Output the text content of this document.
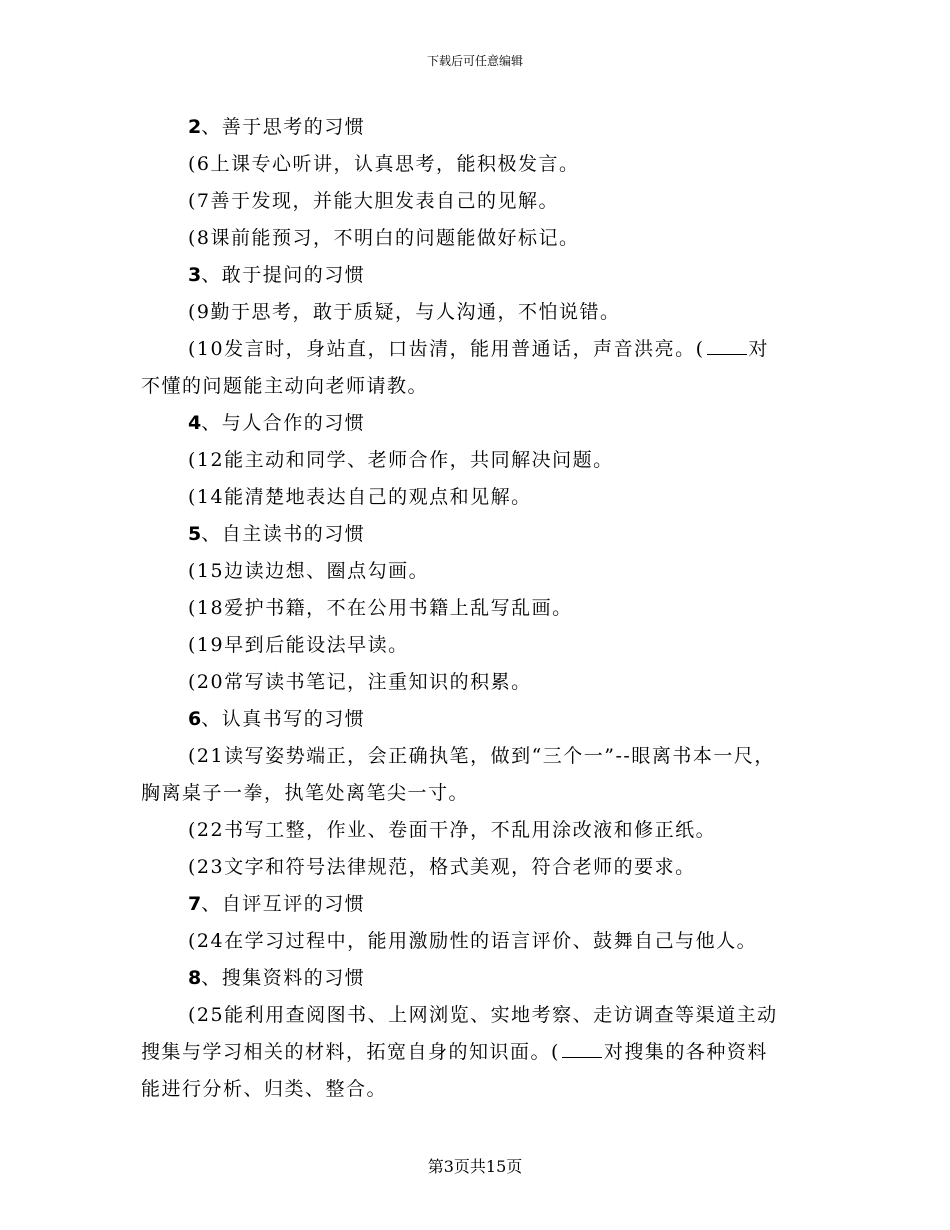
下载后可任意编辑
2、善于思考的习惯
(6上课专心听讲，认真思考，能积极发言。
(7善于发现，并能大胆发表自己的见解。
(8课前能预习，不明白的问题能做好标记。
3、敢于提问的习惯
(9勤于思考，敢于质疑，与人沟通，不怕说错。
(10发言时，身站直，口齿清，能用普通话，声音洪亮。( 对
不懂的问题能主动向老师请教。
4、与人合作的习惯
(12能主动和同学、老师合作，共同解决问题。
(14能清楚地表达自己的观点和见解。
5、自主读书的习惯
(15边读边想、圈点勾画。
(18爱护书籍，不在公用书籍上乱写乱画。
(19早到后能设法早读。
(20常写读书笔记，注重知识的积累。
6、认真书写的习惯
(21读写姿势端正，会正确执笔，做到“三个一”--眼离书本一尺，
胸离桌子一拳，执笔处离笔尖一寸。
(22书写工整，作业、卷面干净，不乱用涂改液和修正纸。
(23文字和符号法律规范，格式美观，符合老师的要求。
7、自评互评的习惯
(24在学习过程中，能用激励性的语言评价、鼓舞自己与他人。
8、搜集资料的习惯
(25能利用查阅图书、上网浏览、实地考察、走访调查等渠道主动
搜集与学习相关的材料，拓宽自身的知识面。( 对搜集的各种资料
能进行分析、归类、整合。
第3页共15页
